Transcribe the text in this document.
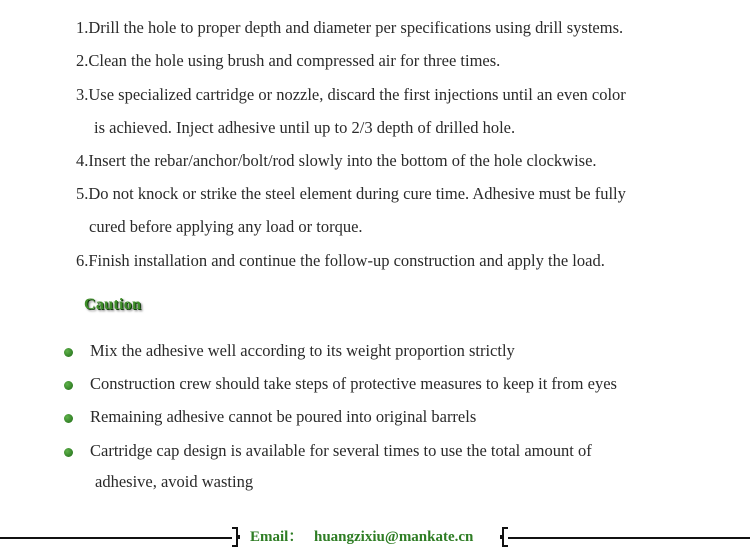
1.Drill the hole to proper depth and diameter per specifications using drill systems.
2.Clean the hole using brush and compressed air for three times.
3.Use specialized cartridge or nozzle, discard the first injections until an even color
is achieved. Inject adhesive until up to 2/3 depth of drilled hole.
4.Insert the rebar/anchor/bolt/rod slowly into the bottom of the hole clockwise.
5.Do not knock or strike the steel element during cure time. Adhesive must be fully
cured before applying any load or torque.
6.Finish installation and continue the follow-up construction and apply the load.
Caution
Mix the adhesive well according to its weight proportion strictly
Construction crew should take steps of protective measures to keep it from eyes
Remaining adhesive cannot be poured into original barrels
Cartridge cap design is available for several times to use the total amount of
adhesive, avoid wasting
Email： huangzixiu@mankate.cn
